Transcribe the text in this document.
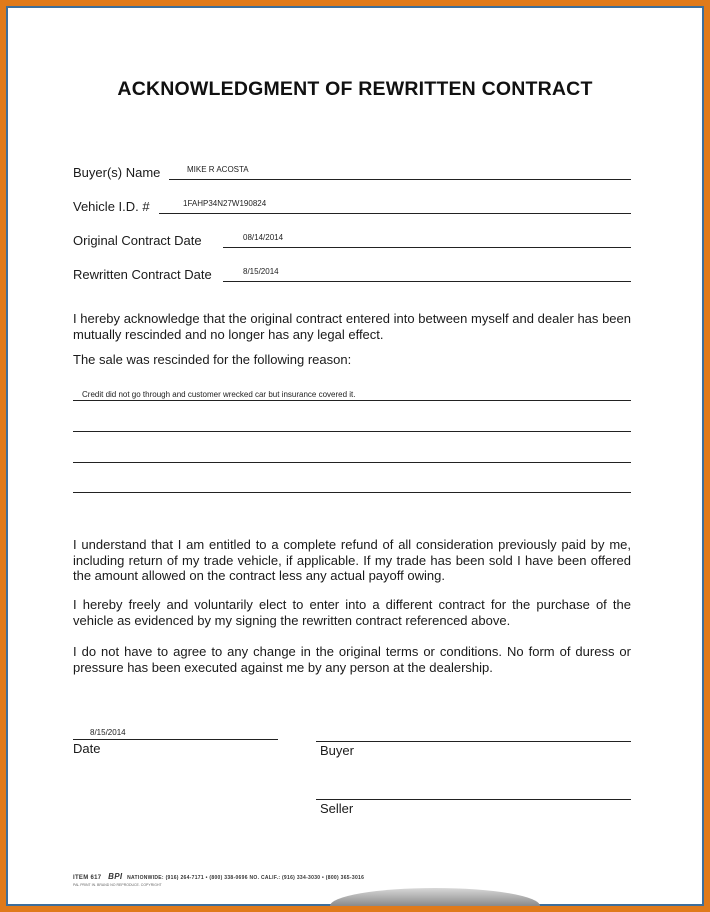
ACKNOWLEDGMENT OF REWRITTEN CONTRACT
Buyer(s) Name	MIKE R ACOSTA
Vehicle I.D. #	1FAHP34N27W190824
Original Contract Date	08/14/2014
Rewritten Contract Date	8/15/2014
I hereby acknowledge that the original contract entered into between myself and dealer has been mutually rescinded and no longer has any legal effect.
The sale was rescinded for the following reason:
Credit did not go through and customer wrecked car but insurance covered it.
I understand that I am entitled to a complete refund of all consideration previously paid by me, including return of my trade vehicle, if applicable. If my trade has been sold I have been offered the amount allowed on the contract less any actual payoff owing.
I hereby freely and voluntarily elect to enter into a different contract for the purchase of the vehicle as evidenced by my signing the rewritten contract referenced above.
I do not have to agree to any change in the original terms or conditions. No form of duress or pressure has been executed against me by any person at the dealership.
8/15/2014
Date	Buyer
Seller
ITEM 617 BPI NATIONWIDE: (916) 264-7171 • (800) 338-0696 NO. CALIF.: (916) 334-3030 • (800) 365-3016
PAL PRINT IN. BRAND NO REPRODUCE. COPYRIGHT
